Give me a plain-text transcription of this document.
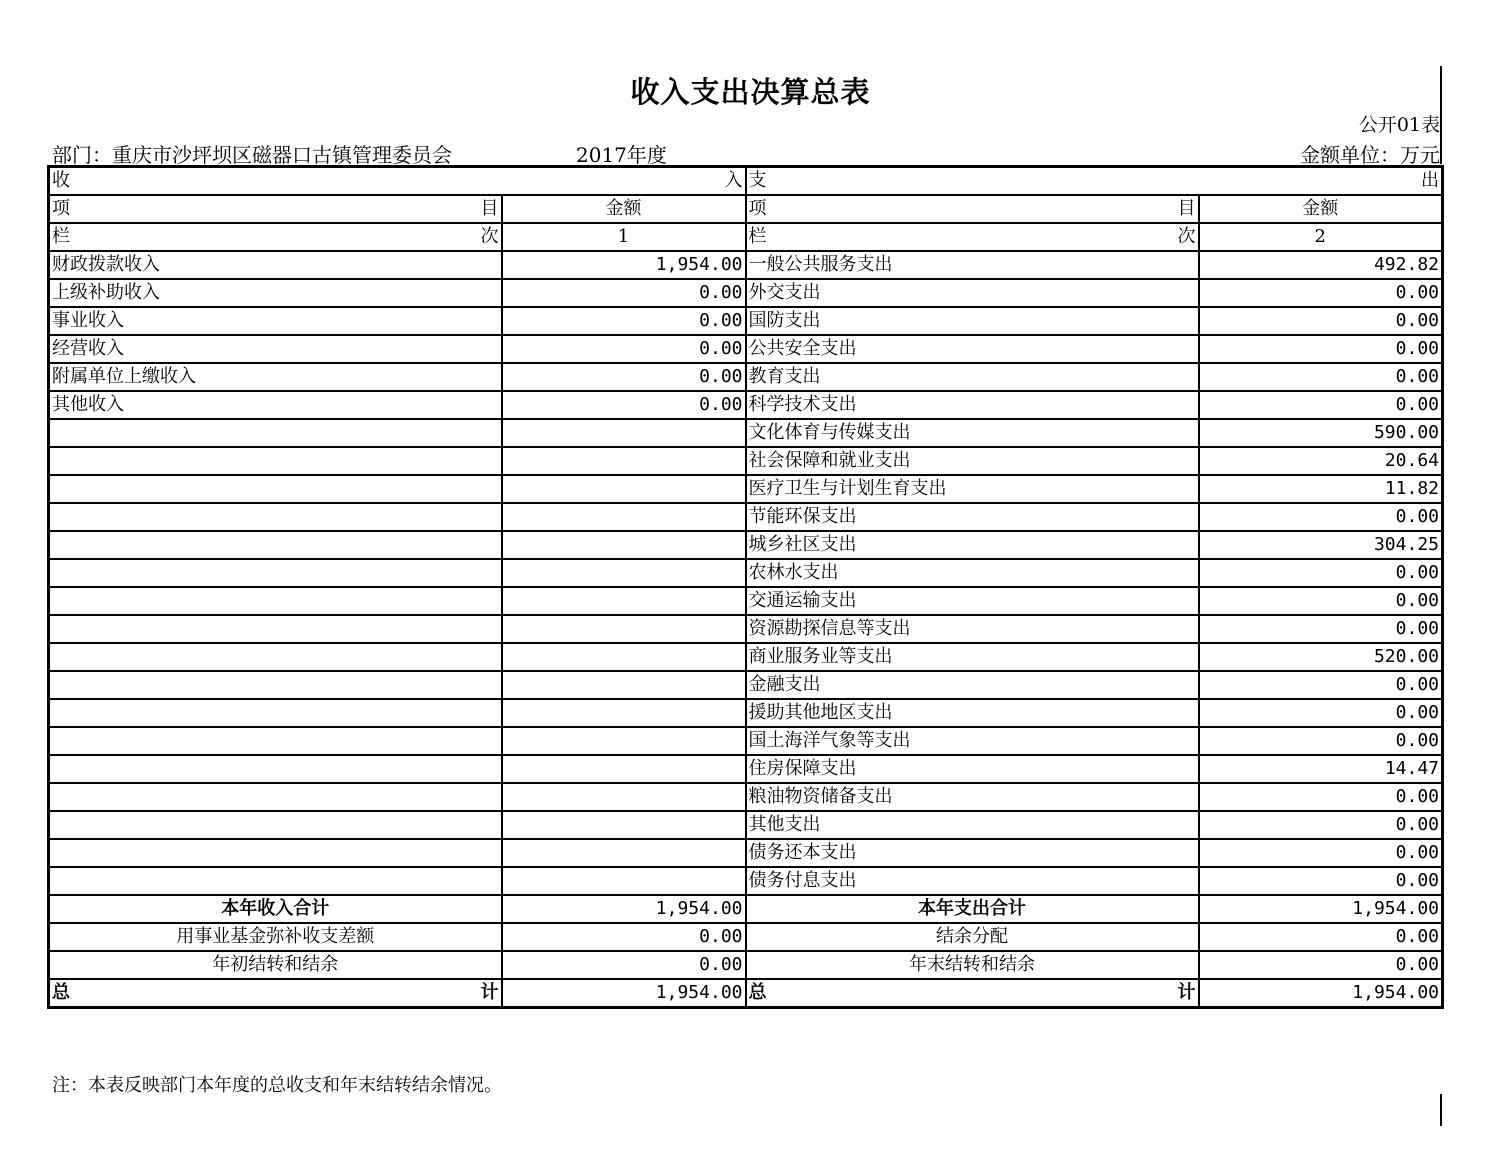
收入支出决算总表
公开01表
部门：重庆市沙坪坝区磁器口古镇管理委员会	2017年度	金额单位：万元
收 入		支 出	

项 目	金额	项 目	金额

栏 次	1	栏 次	2
财政拨款收入	1,954.00	一般公共服务支出	492.82
上级补助收入	0.00	外交支出	0.00
事业收入	0.00	国防支出	0.00
经营收入	0.00	公共安全支出	0.00
附属单位上缴收入	0.00	教育支出	0.00
其他收入	0.00	科学技术支出	0.00
		文化体育与传媒支出	590.00
		社会保障和就业支出	20.64
		医疗卫生与计划生育支出	11.82
		节能环保支出	0.00
		城乡社区支出	304.25
		农林水支出	0.00
		交通运输支出	0.00
		资源勘探信息等支出	0.00
		商业服务业等支出	520.00
		金融支出	0.00
		援助其他地区支出	0.00
		国土海洋气象等支出	0.00
		住房保障支出	14.47
		粮油物资储备支出	0.00
		其他支出	0.00
		债务还本支出	0.00
		债务付息支出	0.00
本年收入合计	1,954.00	本年支出合计	1,954.00
用事业基金弥补收支差额	0.00	结余分配	0.00
年初结转和结余	0.00	年末结转和结余	0.00

总 计	1,954.00	总 计	1,954.00
注：本表反映部门本年度的总收支和年末结转结余情况。
